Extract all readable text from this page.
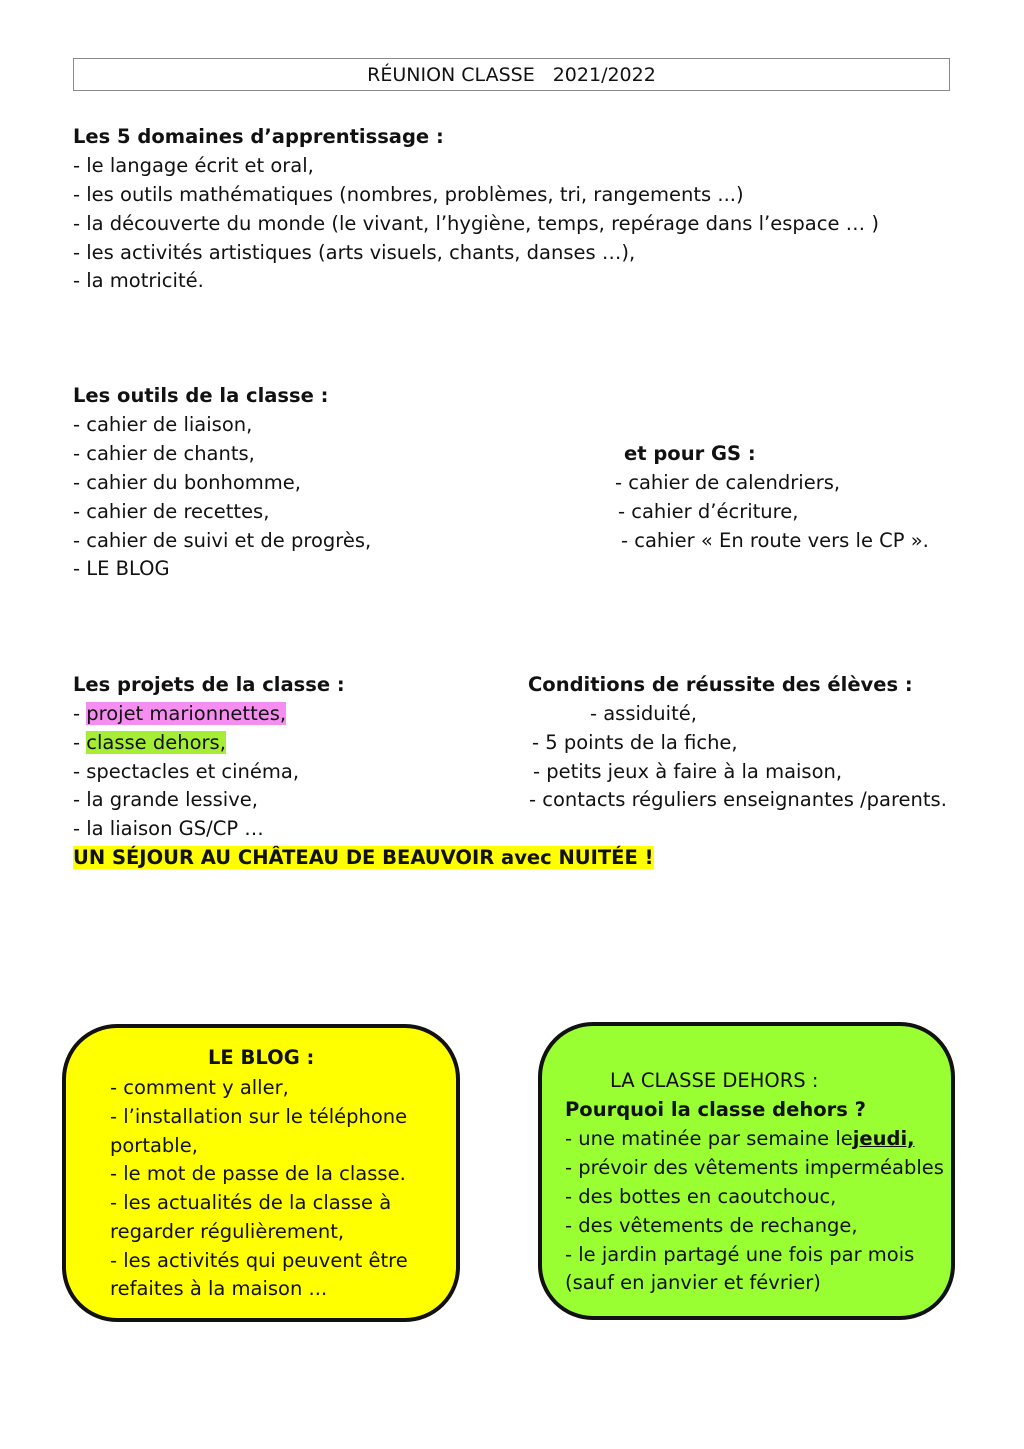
RÉUNION CLASSE 2021/2022
Les 5 domaines d’apprentissage :
- le langage écrit et oral,
- les outils mathématiques (nombres, problèmes, tri, rangements ...)
- la découverte du monde (le vivant, l’hygiène, temps, repérage dans l’espace … )
- les activités artistiques (arts visuels, chants, danses …),
- la motricité.
Les outils de la classe :
- cahier de liaison,
- cahier de chants,
- cahier du bonhomme,
- cahier de recettes,
- cahier de suivi et de progrès,
- LE BLOG
et pour GS :
- cahier de calendriers,
- cahier d’écriture,
- cahier « En route vers le CP ».
Les projets de la classe :
- projet marionnettes,
- classe dehors,
- spectacles et cinéma,
- la grande lessive,
- la liaison GS/CP …
UN SÉJOUR AU CHÂTEAU DE BEAUVOIR avec NUITÉE !
Conditions de réussite des élèves :
- assiduité,
- 5 points de la fiche,
- petits jeux à faire à la maison,
- contacts réguliers enseignantes /parents.
LE BLOG :
- comment y aller,
- l’installation sur le téléphone
portable,
- le mot de passe de la classe.
- les actualités de la classe à
regarder régulièrement,
- les activités qui peuvent être
refaites à la maison ...
LA CLASSE DEHORS :
Pourquoi la classe dehors ?
- une matinée par semaine lejeudi,
- prévoir des vêtements imperméables
- des bottes en caoutchouc,
- des vêtements de rechange,
- le jardin partagé une fois par mois
(sauf en janvier et février)
